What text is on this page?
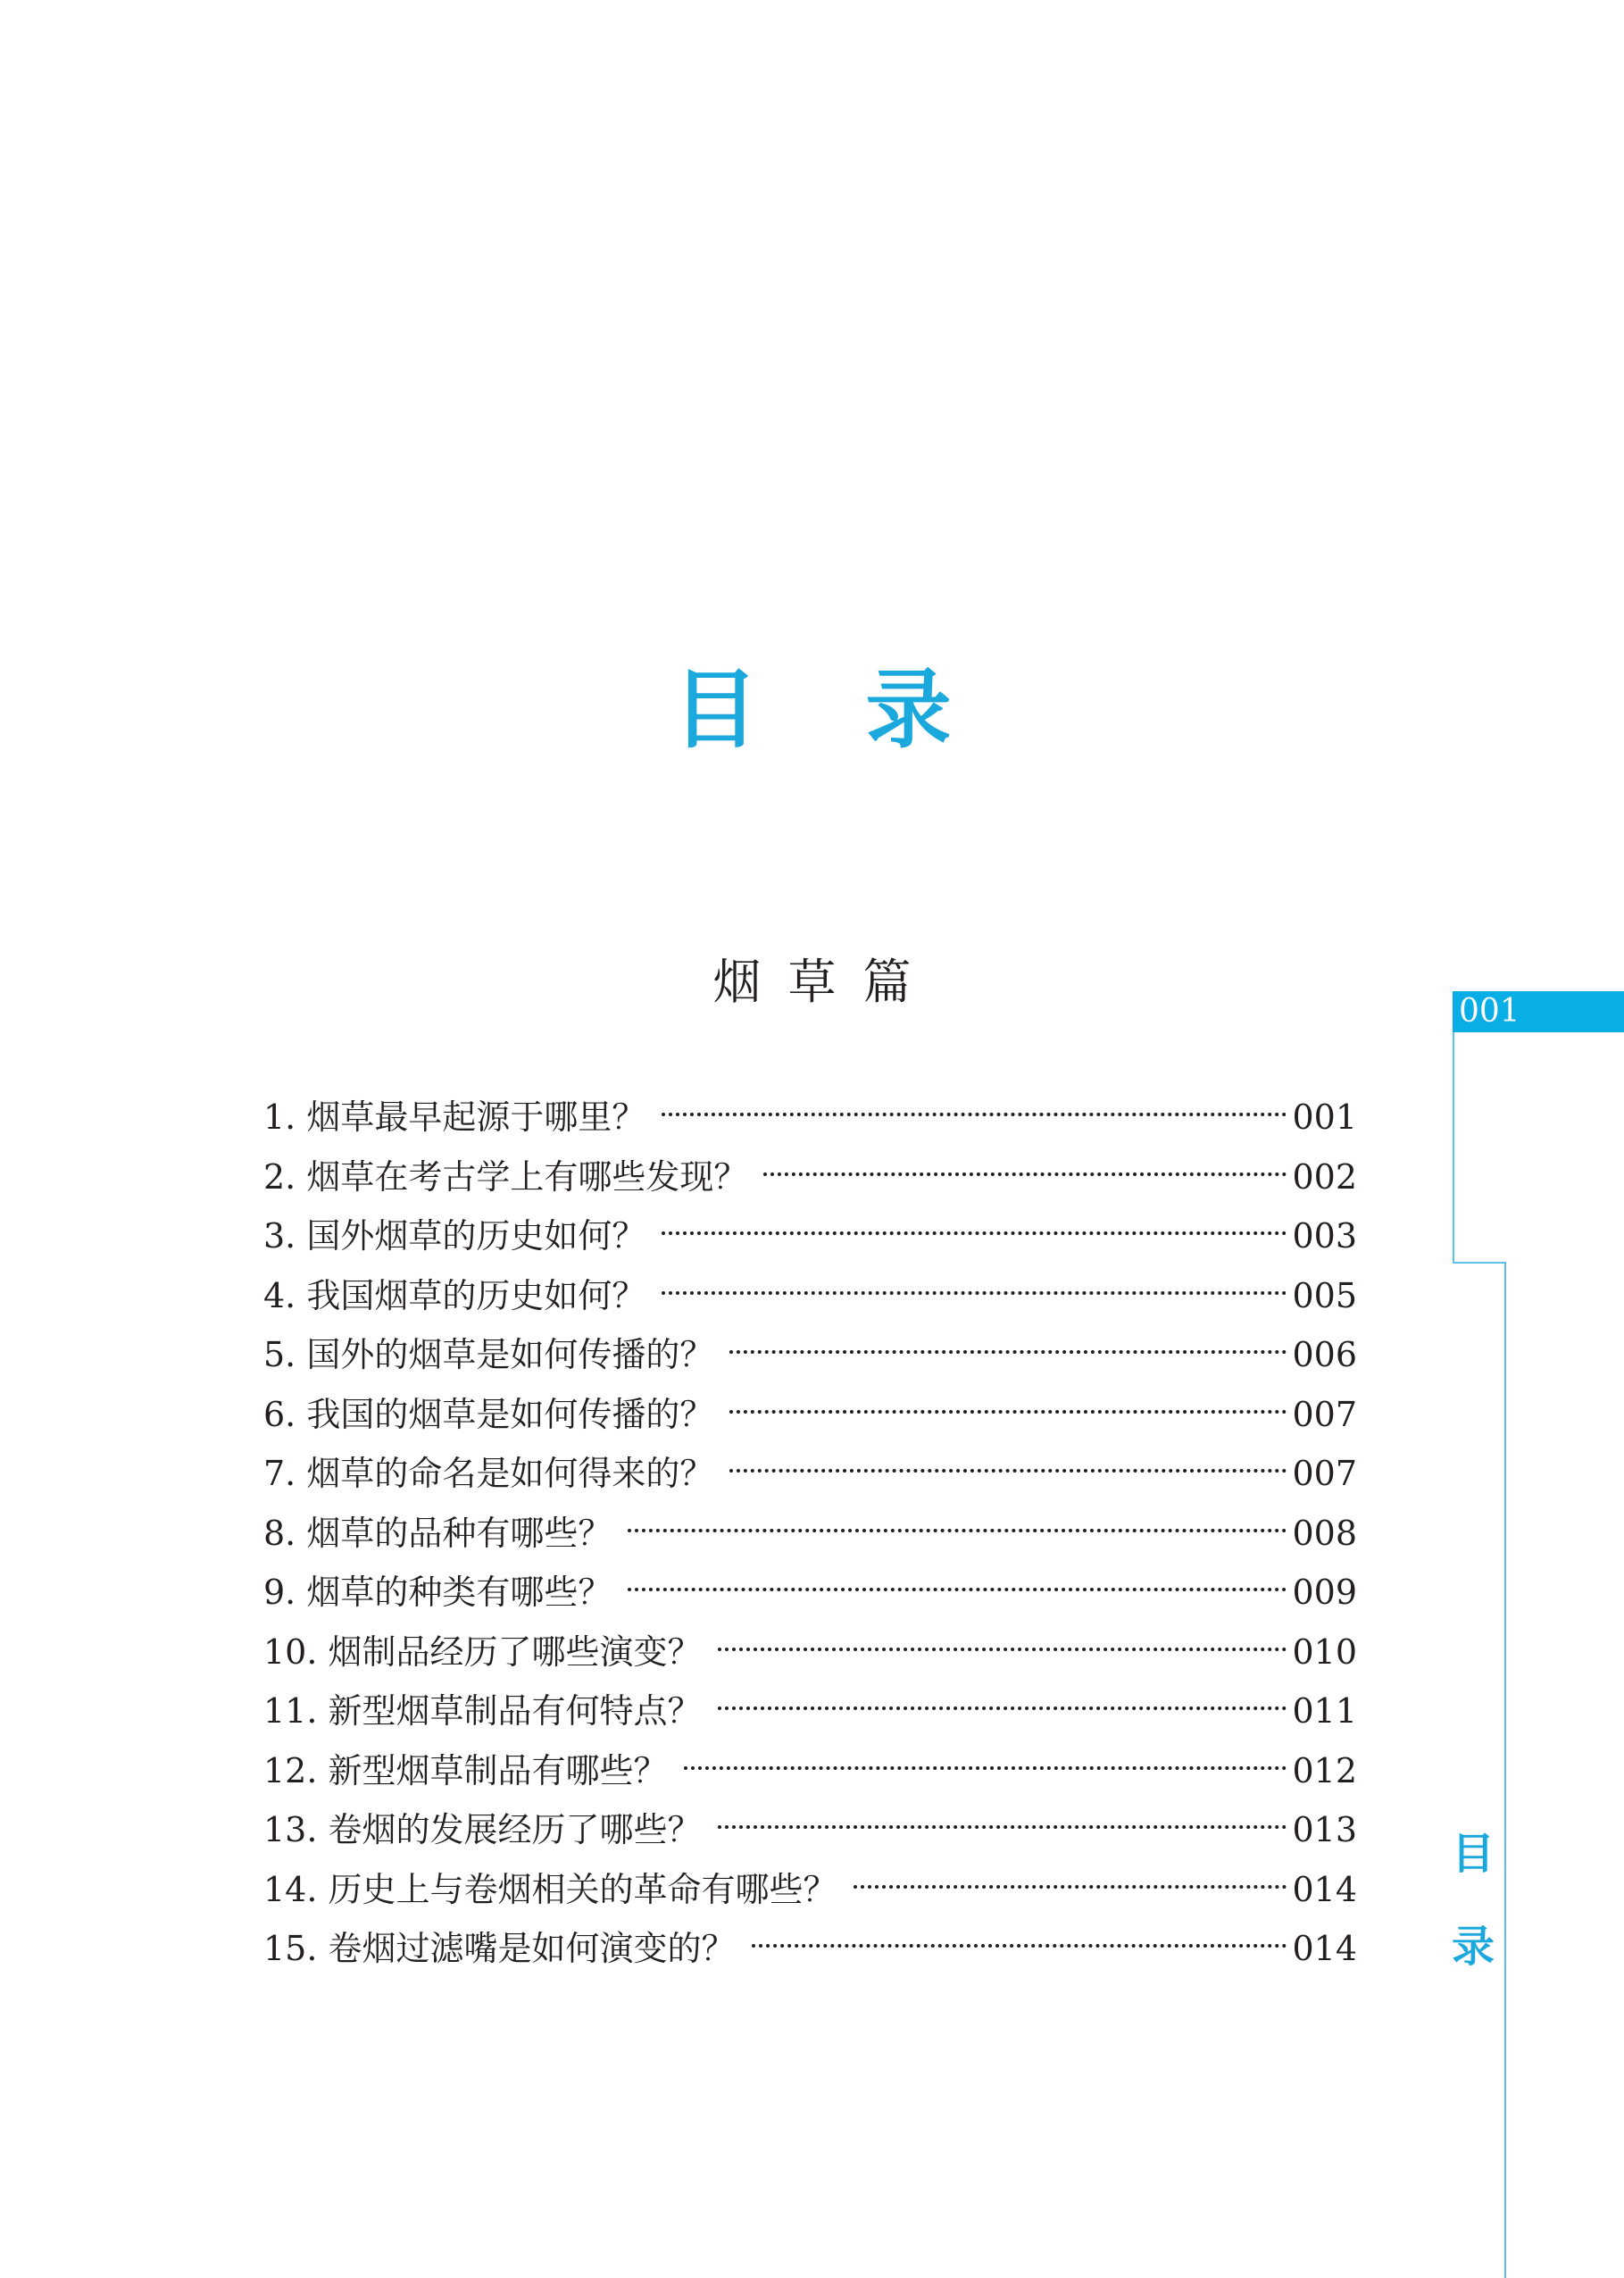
目 录
烟草篇
1. 烟草最早起源于哪里？	001
2. 烟草在考古学上有哪些发现？	002
3. 国外烟草的历史如何？	003
4. 我国烟草的历史如何？	005
5. 国外的烟草是如何传播的？	006
6. 我国的烟草是如何传播的？	007
7. 烟草的命名是如何得来的？	007
8. 烟草的品种有哪些？	008
9. 烟草的种类有哪些？	009
10. 烟制品经历了哪些演变？	010
11. 新型烟草制品有何特点？	011
12. 新型烟草制品有哪些？	012
13. 卷烟的发展经历了哪些？	013
14. 历史上与卷烟相关的革命有哪些？	014
15. 卷烟过滤嘴是如何演变的？	014
001
目
录
